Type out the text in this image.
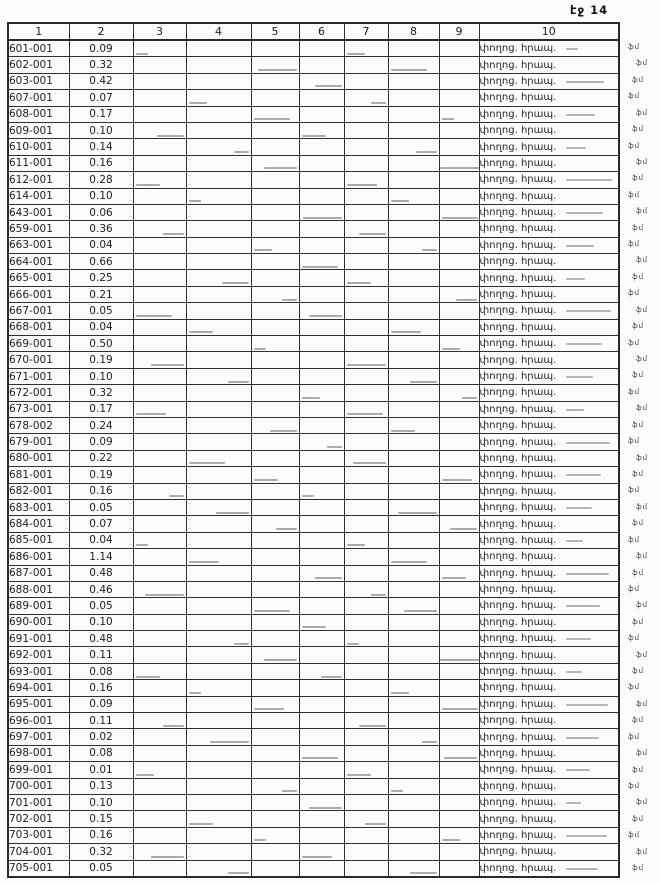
էջ 14
1	2	3	4	5	6	7	8	9	10
601-001	0.09								փողոց. հրապ.
602-001	0.32								փողոց. հրապ.
603-001	0.42								փողոց. հրապ.
607-001	0.07								փողոց. հրապ.
608-001	0.17								փողոց. հրապ.
609-001	0.10								փողոց. հրապ.
610-001	0.14								փողոց. հրապ.
611-001	0.16								փողոց. հրապ.
612-001	0.28								փողոց. հրապ.
614-001	0.10								փողոց. հրապ.
643-001	0.06								փողոց. հրապ.
659-001	0.36								փողոց. հրապ.
663-001	0.04								փողոց. հրապ.
664-001	0.66								փողոց. հրապ.
665-001	0.25								փողոց. հրապ.
666-001	0.21								փողոց. հրապ.
667-001	0.05								փողոց. հրապ.
668-001	0.04								փողոց. հրապ.
669-001	0.50								փողոց. հրապ.
670-001	0.19								փողոց. հրապ.
671-001	0.10								փողոց. հրապ.
672-001	0.32								փողոց. հրապ.
673-001	0.17								փողոց. հրապ.
678-002	0.24								փողոց. հրապ.
679-001	0.09								փողոց. հրապ.
680-001	0.22								փողոց. հրապ.
681-001	0.19								փողոց. հրապ.
682-001	0.16								փողոց. հրապ.
683-001	0.05								փողոց. հրապ.
684-001	0.07								փողոց. հրապ.
685-001	0.04								փողոց. հրապ.
686-001	1.14								փողոց. հրապ.
687-001	0.48								փողոց. հրապ.
688-001	0.46								փողոց. հրապ.
689-001	0.05								փողոց. հրապ.
690-001	0.10								փողոց. հրապ.
691-001	0.48								փողոց. հրապ.
692-001	0.11								փողոց. հրապ.
693-001	0.08								փողոց. հրապ.
694-001	0.16								փողոց. հրապ.
695-001	0.09								փողոց. հրապ.
696-001	0.11								փողոց. հրապ.
697-001	0.02								փողոց. հրապ.
698-001	0.08								փողոց. հրապ.
699-001	0.01								փողոց. հրապ.
700-001	0.13								փողոց. հրապ.
701-001	0.10								փողոց. հրապ.
702-001	0.15								փողոց. հրապ.
703-001	0.16								փողոց. հրապ.
704-001	0.32								փողոց. հրապ.
705-001	0.05								փողոց. հրապ.
ֆմ
ֆմ
ֆմ
ֆմ
ֆմ
ֆմ
ֆմ
ֆմ
ֆմ
ֆմ
ֆմ
ֆմ
ֆմ
ֆմ
ֆմ
ֆմ
ֆմ
ֆմ
ֆմ
ֆմ
ֆմ
ֆմ
ֆմ
ֆմ
ֆմ
ֆմ
ֆմ
ֆմ
ֆմ
ֆմ
ֆմ
ֆմ
ֆմ
ֆմ
ֆմ
ֆմ
ֆմ
ֆմ
ֆմ
ֆմ
ֆմ
ֆմ
ֆմ
ֆմ
ֆմ
ֆմ
ֆմ
ֆմ
ֆմ
ֆմ
ֆմ
